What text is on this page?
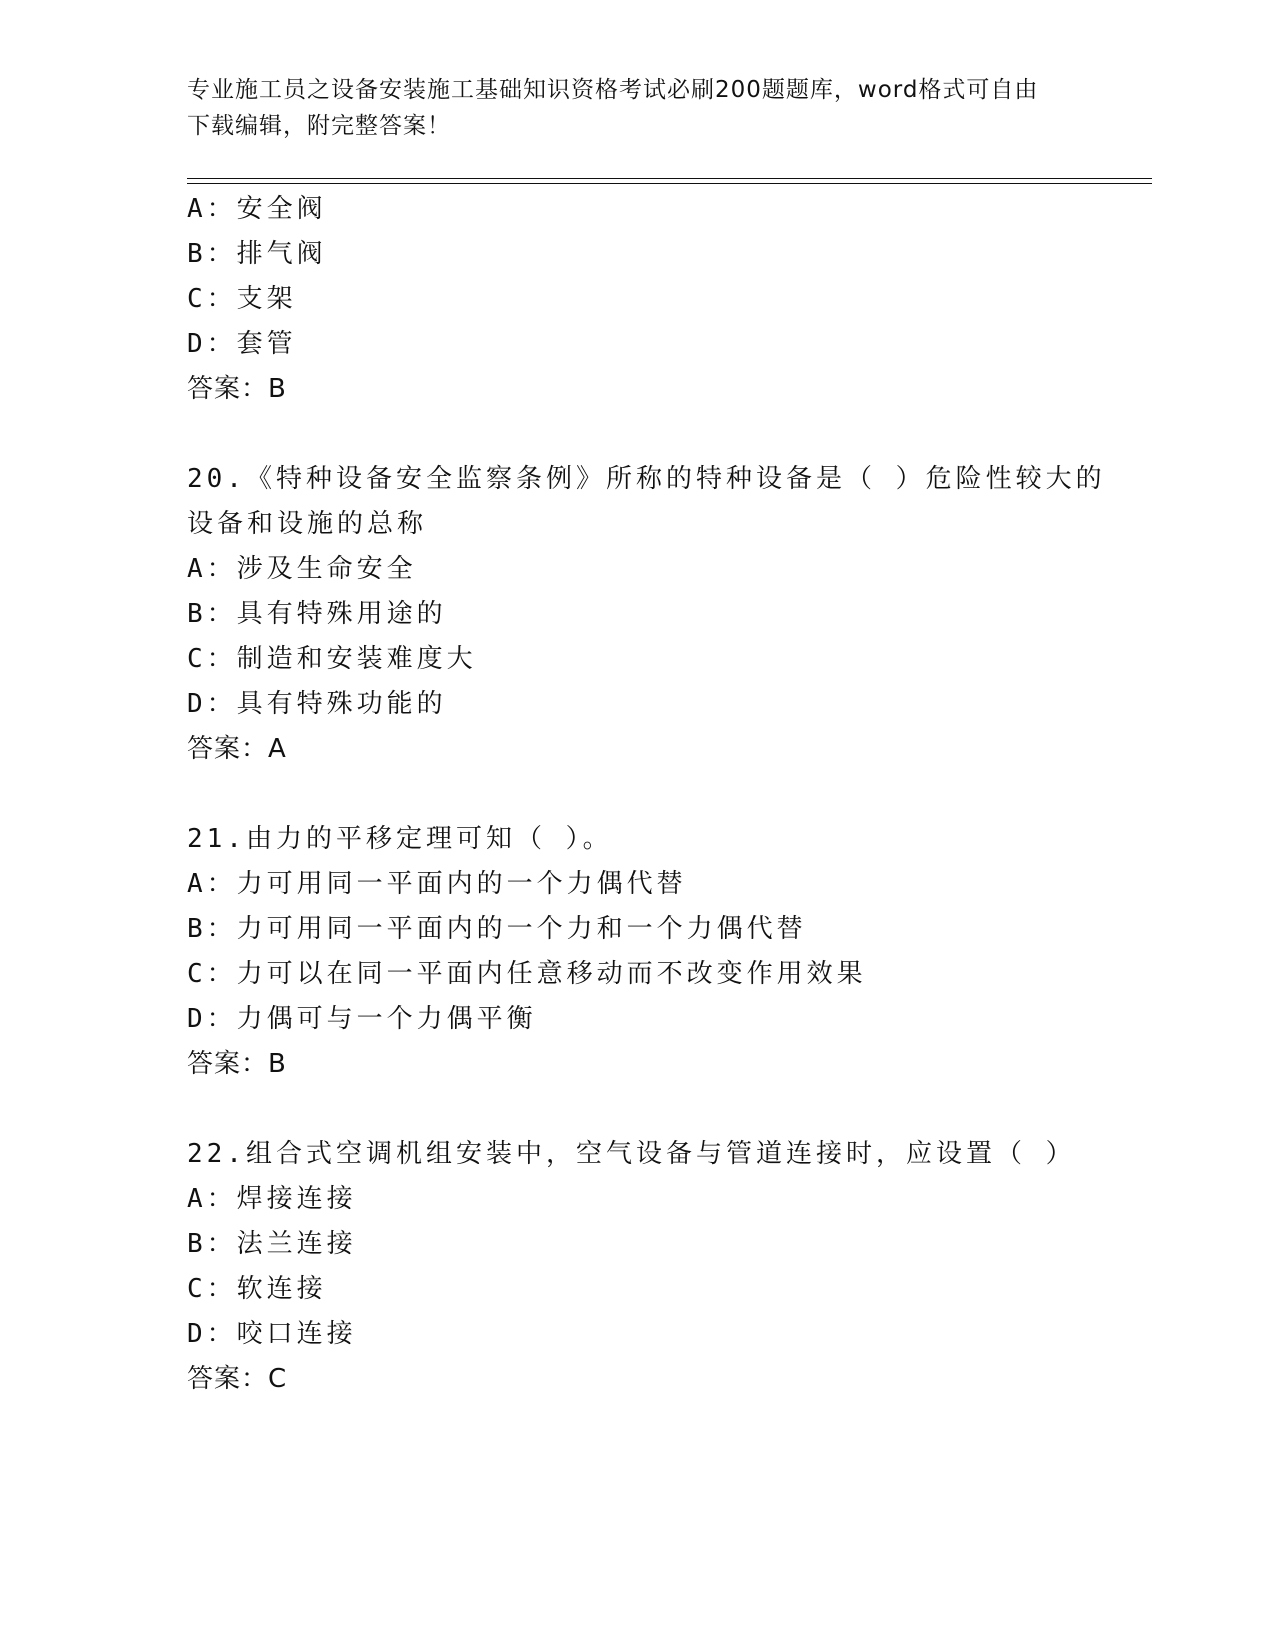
专业施工员之设备安装施工基础知识资格考试必刷200题题库，word格式可自由
下载编辑，附完整答案！
A：安全阀
B：排气阀
C：支架
D：套管
答案：B
20.《特种设备安全监察条例》所称的特种设备是（ ）危险性较大的
设备和设施的总称
A：涉及生命安全
B：具有特殊用途的
C：制造和安装难度大
D：具有特殊功能的
答案：A
21.由力的平移定理可知（ ）。
A：力可用同一平面内的一个力偶代替
B：力可用同一平面内的一个力和一个力偶代替
C：力可以在同一平面内任意移动而不改变作用效果
D：力偶可与一个力偶平衡
答案：B
22.组合式空调机组安装中，空气设备与管道连接时，应设置（ ）
A：焊接连接
B：法兰连接
C：软连接
D：咬口连接
答案：C
